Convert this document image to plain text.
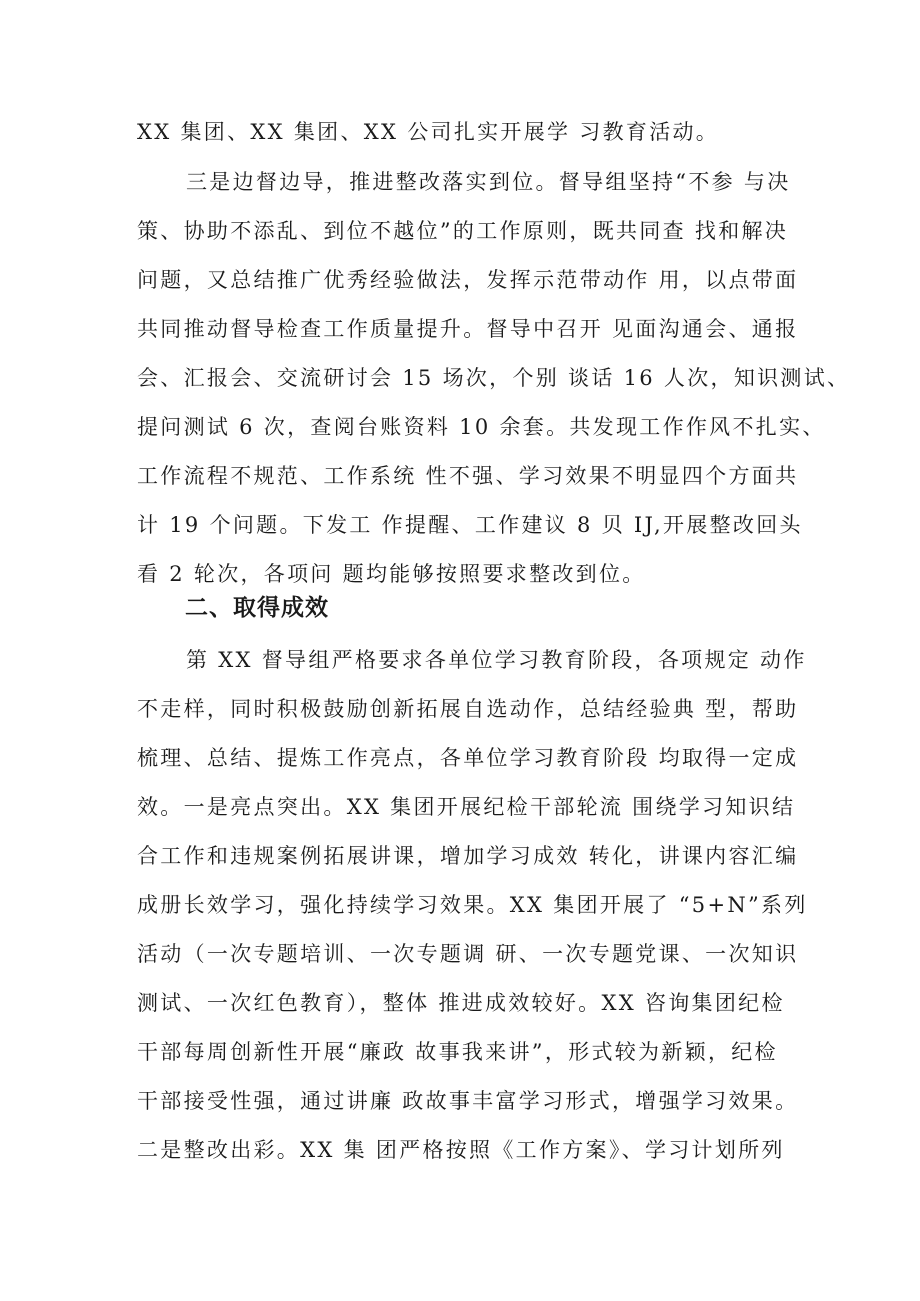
XX 集团、XX 集团、XX 公司扎实开展学 习教育活动。
三是边督边导，推进整改落实到位。督导组坚持“不参 与决
策、协助不添乱、到位不越位”的工作原则，既共同查 找和解决
问题，又总结推广优秀经验做法，发挥示范带动作 用，以点带面
共同推动督导检查工作质量提升。督导中召开 见面沟通会、通报
会、汇报会、交流研讨会 15 场次，个别 谈话 16 人次，知识测试、
提问测试 6 次，查阅台账资料 10 余套。共发现工作作风不扎实、
工作流程不规范、工作系统 性不强、学习效果不明显四个方面共
计 19 个问题。下发工 作提醒、工作建议 8 贝 IJ,开展整改回头
看 2 轮次，各项问 题均能够按照要求整改到位。
二、取得成效
第 XX 督导组严格要求各单位学习教育阶段，各项规定 动作
不走样，同时积极鼓励创新拓展自选动作，总结经验典 型，帮助
梳理、总结、提炼工作亮点，各单位学习教育阶段 均取得一定成
效。一是亮点突出。XX 集团开展纪检干部轮流 围绕学习知识结
合工作和违规案例拓展讲课，增加学习成效 转化，讲课内容汇编
成册长效学习，强化持续学习效果。XX 集团开展了 “5+N”系列
活动（一次专题培训、一次专题调 研、一次专题党课、一次知识
测试、一次红色教育），整体 推进成效较好。XX 咨询集团纪检
干部每周创新性开展“廉政 故事我来讲”，形式较为新颖，纪检
干部接受性强，通过讲廉 政故事丰富学习形式，增强学习效果。
二是整改出彩。XX 集 团严格按照《工作方案》、学习计划所列
